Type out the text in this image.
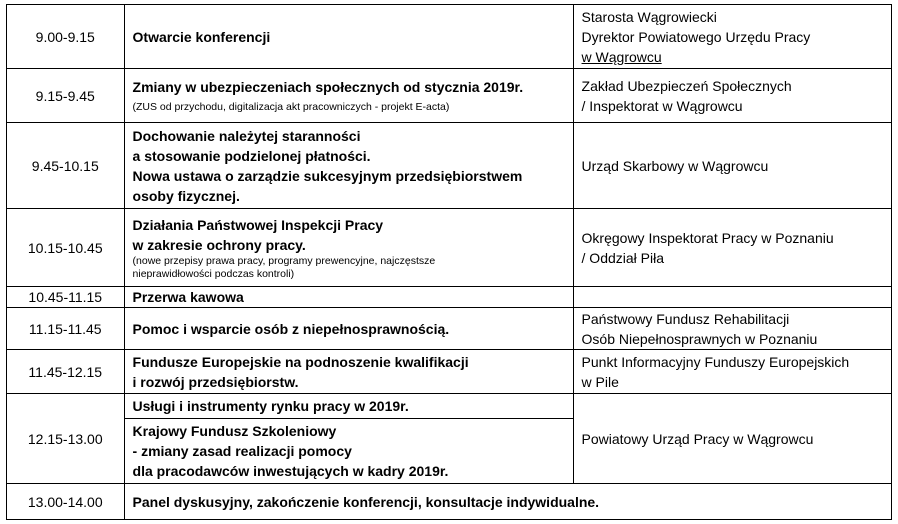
9.00-9.15	Otwarcie konferencji	Starosta Wągrowiecki
Dyrektor Powiatowego Urzędu Pracy
w Wągrowcu

9.15-9.45	Zmiany w ubezpieczeniach społecznych od stycznia 2019r.
(ZUS od przychodu, digitalizacja akt pracowniczych - projekt E-acta)	Zakład Ubezpieczeń Społecznych
/ Inspektorat w Wągrowcu

9.45-10.15	Dochowanie należytej staranności
a stosowanie podzielonej płatności.
Nowa ustawa o zarządzie sukcesyjnym przedsiębiorstwem
osoby fizycznej.	Urząd Skarbowy w Wągrowcu

10.15-10.45	Działania Państwowej Inspekcji Pracy
w zakresie ochrony pracy.
(nowe przepisy prawa pracy, programy prewencyjne, najczęstsze
nieprawidłowości podczas kontroli)	Okręgowy Inspektorat Pracy w Poznaniu
/ Oddział Piła

10.45-11.15	Przerwa kawowa	

11.15-11.45	Pomoc i wsparcie osób z niepełnosprawnością.	Państwowy Fundusz Rehabilitacji
Osób Niepełnosprawnych w Poznaniu

11.45-12.15	Fundusze Europejskie na podnoszenie kwalifikacji
i rozwój przedsiębiorstw.	Punkt Informacyjny Funduszy Europejskich
w Pile

12.15-13.00	Usługi i instrumenty rynku pracy w 2019r.
Krajowy Fundusz Szkoleniowy
- zmiany zasad realizacji pomocy
dla pracodawców inwestujących w kadry 2019r.	Powiatowy Urząd Pracy w Wągrowcu

13.00-14.00	Panel dyskusyjny, zakończenie konferencji, konsultacje indywidualne.	
